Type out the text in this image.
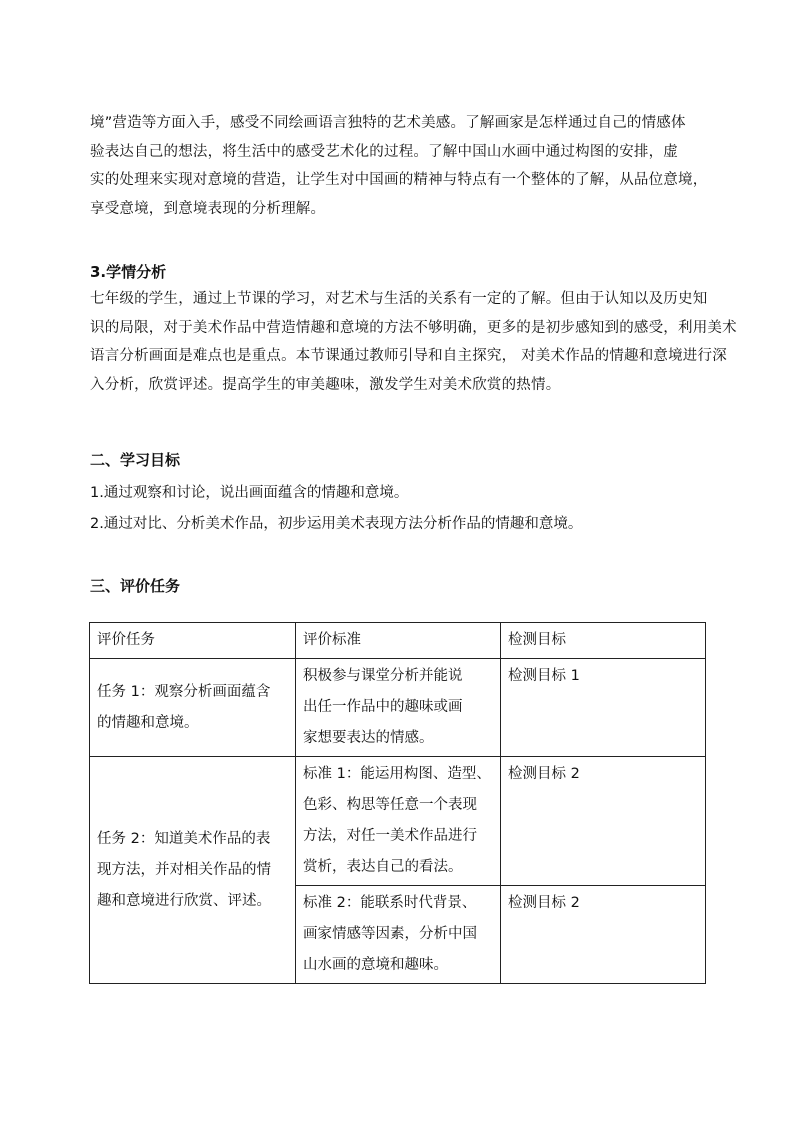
境”营造等方面入手，感受不同绘画语言独特的艺术美感。了解画家是怎样通过自己的情感体
验表达自己的想法，将生活中的感受艺术化的过程。了解中国山水画中通过构图的安排，虚
实的处理来实现对意境的营造，让学生对中国画的精神与特点有一个整体的了解，从品位意境，
享受意境，到意境表现的分析理解。

3.学情分析

七年级的学生，通过上节课的学习，对艺术与生活的关系有一定的了解。但由于认知以及历史知
识的局限，对于美术作品中营造情趣和意境的方法不够明确，更多的是初步感知到的感受，利用美术
语言分析画面是难点也是重点。本节课通过教师引导和自主探究， 对美术作品的情趣和意境进行深
入分析，欣赏评述。提高学生的审美趣味，激发学生对美术欣赏的热情。

二、学习目标

1.通过观察和讨论，说出画面蕴含的情趣和意境。

2.通过对比、分析美术作品，初步运用美术表现方法分析作品的情趣和意境。

三、评价任务
评价任务	评价标准	检测目标

任务 1：观察分析画面蕴含
的情趣和意境。	积极参与课堂分析并能说
出任一作品中的趣味或画
家想要表达的情感。	检测目标 1

任务 2：知道美术作品的表
现方法，并对相关作品的情
趣和意境进行欣赏、评述。	标准 1：能运用构图、造型、
色彩、构思等任意一个表现
方法，对任一美术作品进行
赏析，表达自己的看法。	检测目标 2

	标准 2：能联系时代背景、
画家情感等因素，分析中国
山水画的意境和趣味。	检测目标 2
